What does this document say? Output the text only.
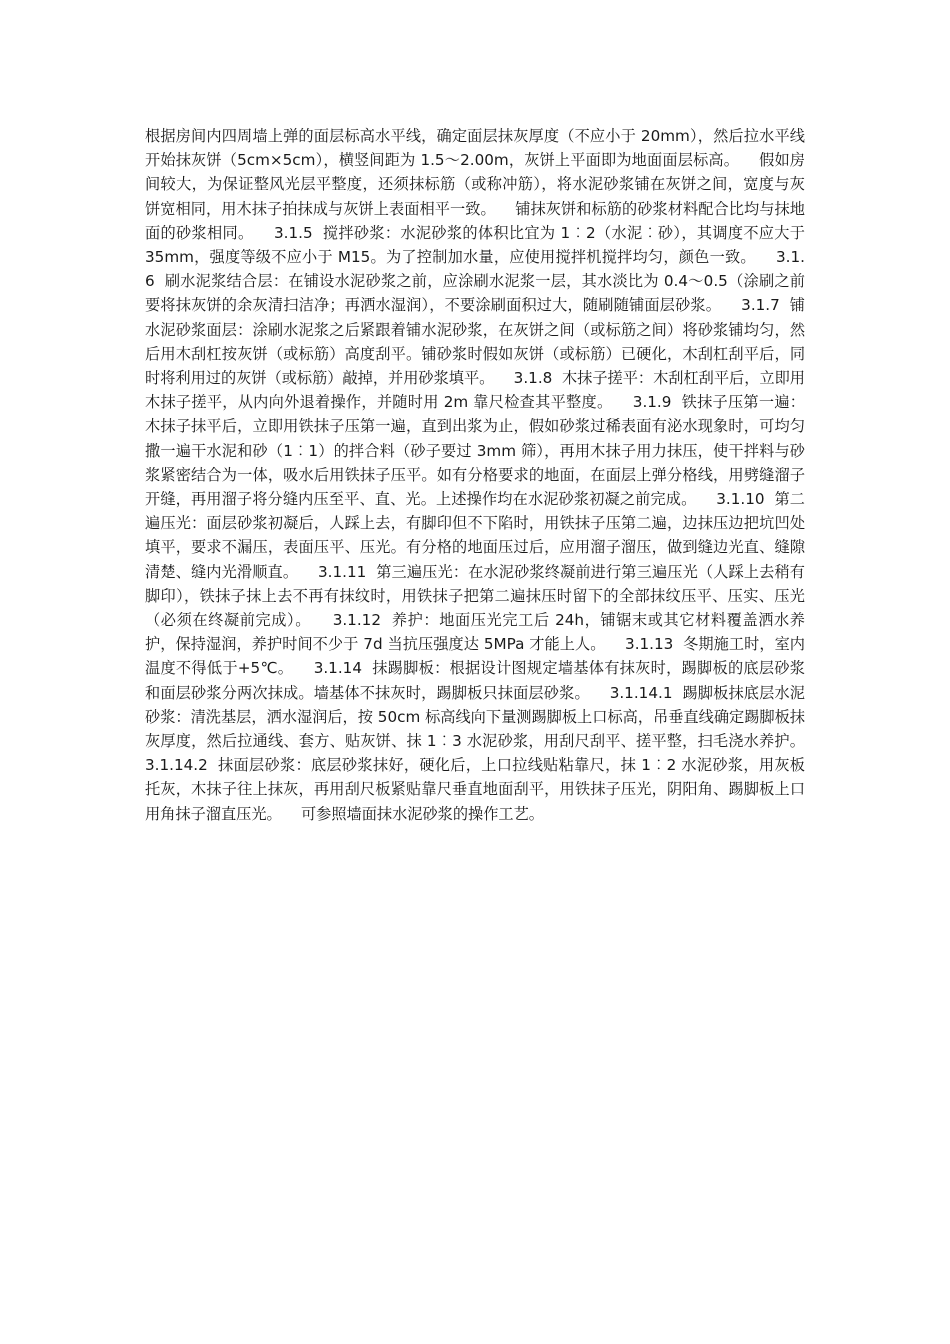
根据房间内四周墙上弹的面层标高水平线，确定面层抹灰厚度（不应小于 20mm），然后拉水平线开始抹灰饼（5cm×5cm），横竖间距为 1.5～2.00m，灰饼上平面即为地面面层标高。    假如房间较大，为保证整风光层平整度，还须抹标筋（或称冲筋），将水泥砂浆铺在灰饼之间，宽度与灰饼宽相同，用木抹子拍抹成与灰饼上表面相平一致。    铺抹灰饼和标筋的砂浆材料配合比均与抹地面的砂浆相同。    3.1.5  搅拌砂浆：水泥砂浆的体积比宜为 1︰2（水泥︰砂），其调度不应大于 35mm，强度等级不应小于 M15。为了控制加水量，应使用搅拌机搅拌均匀，颜色一致。    3.1.6  刷水泥浆结合层：在铺设水泥砂浆之前，应涂刷水泥浆一层，其水淡比为 0.4～0.5（涂刷之前要将抹灰饼的余灰清扫洁净；再洒水湿润），不要涂刷面积过大，随刷随铺面层砂浆。    3.1.7  铺水泥砂浆面层：涂刷水泥浆之后紧跟着铺水泥砂浆，在灰饼之间（或标筋之间）将砂浆铺均匀，然后用木刮杠按灰饼（或标筋）高度刮平。铺砂浆时假如灰饼（或标筋）已硬化，木刮杠刮平后，同时将利用过的灰饼（或标筋）敲掉，并用砂浆填平。    3.1.8  木抹子搓平：木刮杠刮平后，立即用木抹子搓平，从内向外退着操作，并随时用 2m 靠尺检查其平整度。    3.1.9  铁抹子压第一遍：木抹子抹平后，立即用铁抹子压第一遍，直到出浆为止，假如砂浆过稀表面有泌水现象时，可均匀撒一遍干水泥和砂（1︰1）的拌合料（砂子要过 3mm 筛），再用木抹子用力抹压，使干拌料与砂浆紧密结合为一体，吸水后用铁抹子压平。如有分格要求的地面，在面层上弹分格线，用劈缝溜子开缝，再用溜子将分缝内压至平、直、光。上述操作均在水泥砂浆初凝之前完成。    3.1.10  第二遍压光：面层砂浆初凝后，人踩上去，有脚印但不下陷时，用铁抹子压第二遍，边抹压边把坑凹处填平，要求不漏压，表面压平、压光。有分格的地面压过后，应用溜子溜压，做到缝边光直、缝隙清楚、缝内光滑顺直。    3.1.11  第三遍压光：在水泥砂浆终凝前进行第三遍压光（人踩上去稍有脚印），铁抹子抹上去不再有抹纹时，用铁抹子把第二遍抹压时留下的全部抹纹压平、压实、压光（必须在终凝前完成）。    3.1.12  养护：地面压光完工后 24h，铺锯末或其它材料覆盖洒水养护，保持湿润，养护时间不少于 7d 当抗压强度达 5MPa 才能上人。    3.1.13  冬期施工时，室内温度不得低于+5℃。    3.1.14  抹踢脚板：根据设计图规定墙基体有抹灰时，踢脚板的底层砂浆和面层砂浆分两次抹成。墙基体不抹灰时，踢脚板只抹面层砂浆。    3.1.14.1  踢脚板抹底层水泥砂浆：清洗基层，洒水湿润后，按 50cm 标高线向下量测踢脚板上口标高，吊垂直线确定踢脚板抹灰厚度，然后拉通线、套方、贴灰饼、抹 1︰3 水泥砂浆，用刮尺刮平、搓平整，扫毛浇水养护。    3.1.14.2  抹面层砂浆：底层砂浆抹好，硬化后，上口拉线贴粘靠尺，抹 1︰2 水泥砂浆，用灰板托灰，木抹子往上抹灰，再用刮尺板紧贴靠尺垂直地面刮平，用铁抹子压光，阴阳角、踢脚板上口用角抹子溜直压光。    可参照墙面抹水泥砂浆的操作工艺。
